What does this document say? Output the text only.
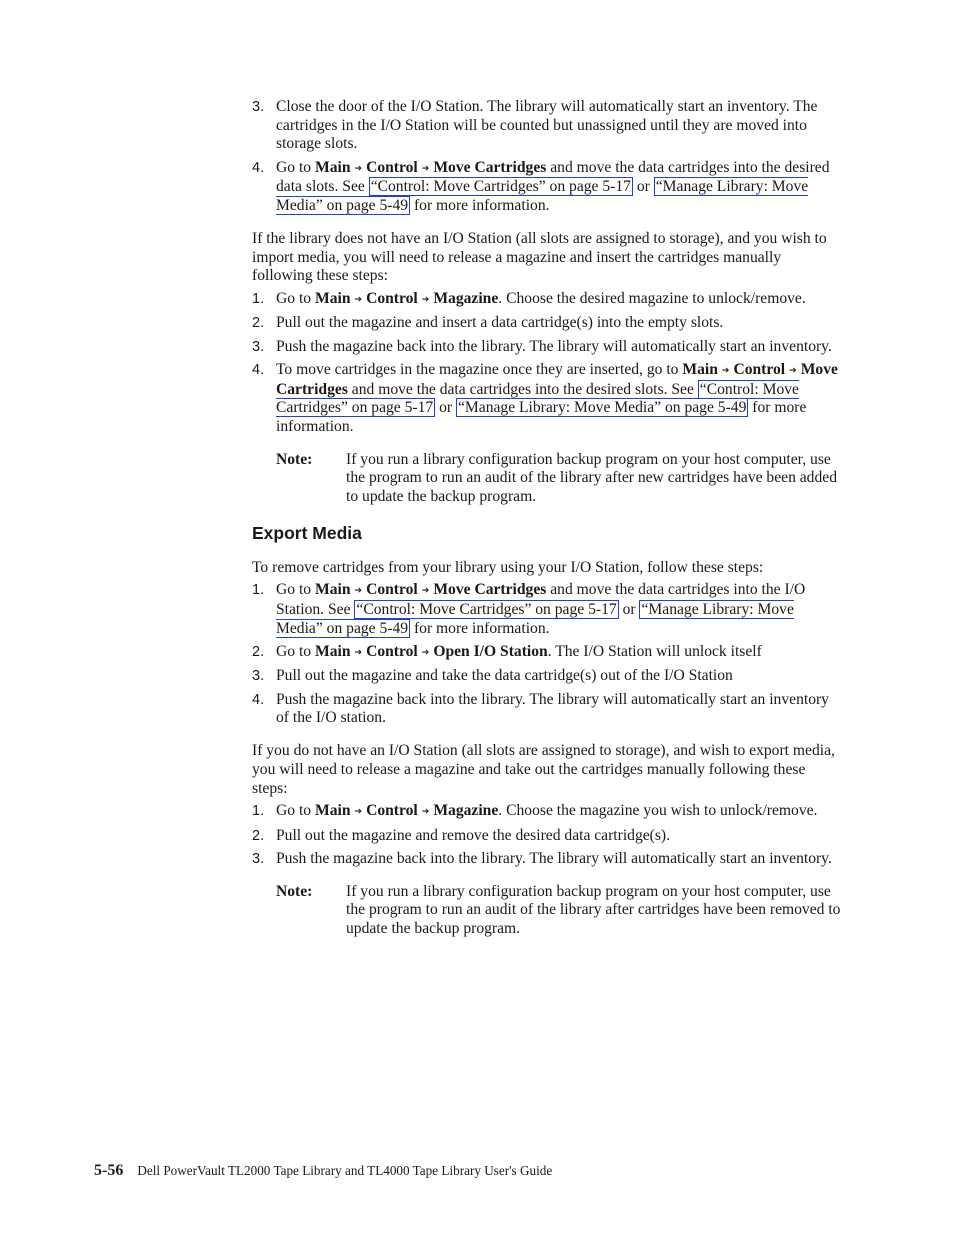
3. Close the door of the I/O Station. The library will automatically start an inventory. The cartridges in the I/O Station will be counted but unassigned until they are moved into storage slots.
4. Go to Main ➔ Control ➔ Move Cartridges and move the data cartridges into the desired data slots. See “Control: Move Cartridges” on page 5-17 or “Manage Library: Move Media” on page 5-49 for more information.

If the library does not have an I/O Station (all slots are assigned to storage), and you wish to import media, you will need to release a magazine and insert the cartridges manually following these steps:

1. Go to Main ➔ Control ➔ Magazine. Choose the desired magazine to unlock/remove.
2. Pull out the magazine and insert a data cartridge(s) into the empty slots.
3. Push the magazine back into the library. The library will automatically start an inventory.
4. To move cartridges in the magazine once they are inserted, go to Main ➔ Control ➔ Move Cartridges and move the data cartridges into the desired slots. See “Control: Move Cartridges” on page 5-17 or “Manage Library: Move Media” on page 5-49 for more information.
Note: If you run a library configuration backup program on your host computer, use the program to run an audit of the library after new cartridges have been added to update the backup program.
Export Media

To remove cartridges from your library using your I/O Station, follow these steps:

1. Go to Main ➔ Control ➔ Move Cartridges and move the data cartridges into the I/O Station. See “Control: Move Cartridges” on page 5-17 or “Manage Library: Move Media” on page 5-49 for more information.
2. Go to Main ➔ Control ➔ Open I/O Station. The I/O Station will unlock itself
3. Pull out the magazine and take the data cartridge(s) out of the I/O Station
4. Push the magazine back into the library. The library will automatically start an inventory of the I/O station.

If you do not have an I/O Station (all slots are assigned to storage), and wish to export media, you will need to release a magazine and take out the cartridges manually following these steps:

1. Go to Main ➔ Control ➔ Magazine. Choose the magazine you wish to unlock/remove.
2. Pull out the magazine and remove the desired data cartridge(s).
3. Push the magazine back into the library. The library will automatically start an inventory.
Note: If you run a library configuration backup program on your host computer, use the program to run an audit of the library after cartridges have been removed to update the backup program.
5-56 Dell PowerVault TL2000 Tape Library and TL4000 Tape Library User's Guide
